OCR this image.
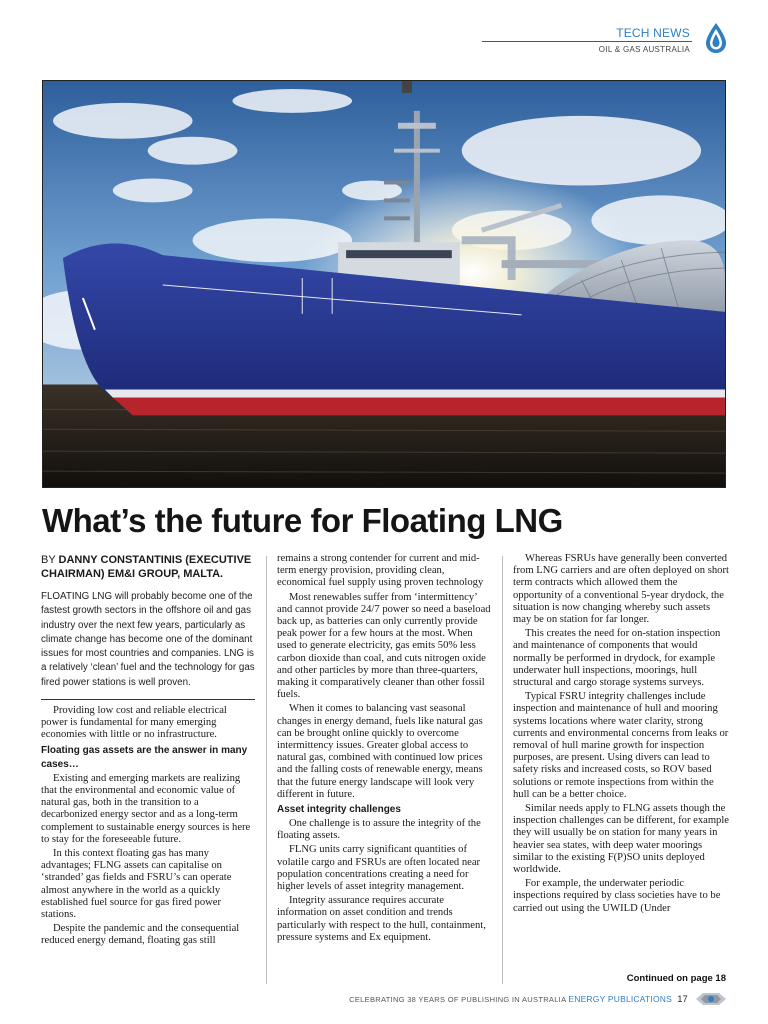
TECH NEWS
OIL & GAS AUSTRALIA
What’s the future for Floating LNG
BY DANNY CONSTANTINIS (EXECUTIVE CHAIRMAN) EM&I GROUP, MALTA.
FLOATING LNG will probably become one of the fastest growth sectors in the offshore oil and gas industry over the next few years, particularly as climate change has become one of the dominant issues for most countries and companies. LNG is a relatively ‘clean’ fuel and the technology for gas fired power stations is well proven.

Providing low cost and reliable electrical power is fundamental for many emerging economies with little or no infrastructure.

Floating gas assets are the answer in many cases…

Existing and emerging markets are realizing that the environmental and economic value of natural gas, both in the transition to a decarbonized energy sector and as a long-term complement to sustainable energy sources is here to stay for the foreseeable future.

In this context floating gas has many advantages; FLNG assets can capitalise on ‘stranded’ gas fields and FSRU’s can operate almost anywhere in the world as a quickly established fuel source for gas fired power stations.

Despite the pandemic and the consequential reduced energy demand, floating gas still

remains a strong contender for current and mid-term energy provision, providing clean, economical fuel supply using proven technology

Most renewables suffer from ‘intermittency’ and cannot provide 24/7 power so need a baseload back up, as batteries can only currently provide peak power for a few hours at the most. When used to generate electricity, gas emits 50% less carbon dioxide than coal, and cuts nitrogen oxide and other particles by more than three-quarters, making it comparatively cleaner than other fossil fuels.

When it comes to balancing vast seasonal changes in energy demand, fuels like natural gas can be brought online quickly to overcome intermittency issues. Greater global access to natural gas, combined with continued low prices and the falling costs of renewable energy, means that the future energy landscape will look very different in future.

Asset integrity challenges

One challenge is to assure the integrity of the floating assets.

FLNG units carry significant quantities of volatile cargo and FSRUs are often located near population concentrations creating a need for higher levels of asset integrity management.

Integrity assurance requires accurate information on asset condition and trends particularly with respect to the hull, containment, pressure systems and Ex equipment.

Whereas FSRUs have generally been converted from LNG carriers and are often deployed on short term contracts which allowed them the opportunity of a conventional 5-year drydock, the situation is now changing whereby such assets may be on station for far longer.

This creates the need for on-station inspection and maintenance of components that would normally be performed in drydock, for example underwater hull inspections, moorings, hull structural and cargo storage systems surveys.

Typical FSRU integrity challenges include inspection and maintenance of hull and mooring systems locations where water clarity, strong currents and environmental concerns from leaks or removal of hull marine growth for inspection purposes, are present. Using divers can lead to safety risks and increased costs, so ROV based solutions or remote inspections from within the hull can be a better choice.

Similar needs apply to FLNG assets though the inspection challenges can be different, for example they will usually be on station for many years in heavier sea states, with deep water moorings similar to the existing F(P)SO units deployed worldwide.

For example, the underwater periodic inspections required by class societies have to be carried out using the UWILD (Under

Continued on page 18
CELEBRATING 38 YEARS OF PUBLISHING IN AUSTRALIA ENERGY PUBLICATIONS 17
